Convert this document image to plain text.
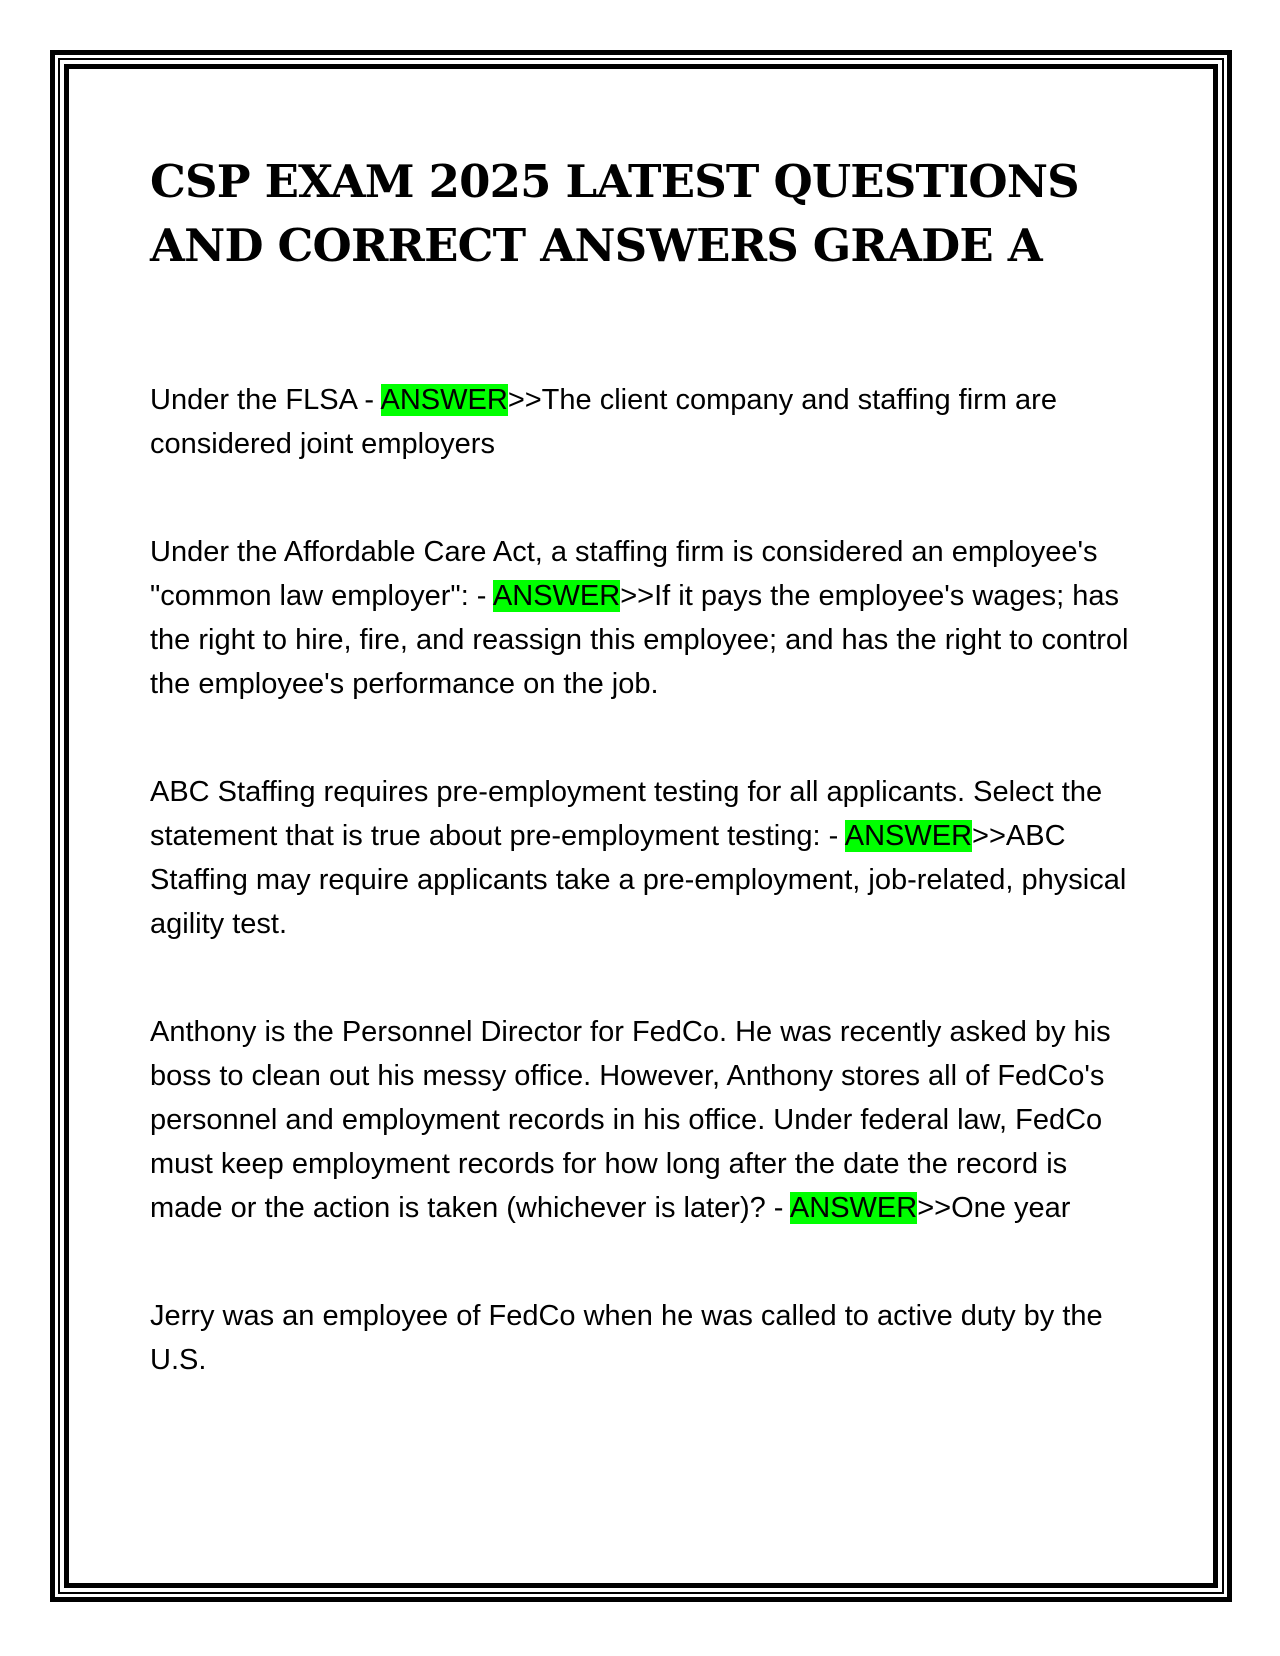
CSP EXAM 2025 LATEST QUESTIONS AND CORRECT ANSWERS GRADE A

Under the FLSA - ANSWER>>The client company and staffing firm are considered joint employers

Under the Affordable Care Act, a staffing firm is considered an employee's "common law employer": - ANSWER>>If it pays the employee's wages; has the right to hire, fire, and reassign this employee; and has the right to control the employee's performance on the job.

ABC Staffing requires pre-employment testing for all applicants. Select the statement that is true about pre-employment testing: - ANSWER>>ABC Staffing may require applicants take a pre-employment, job-related, physical agility test.

Anthony is the Personnel Director for FedCo. He was recently asked by his boss to clean out his messy office. However, Anthony stores all of FedCo's personnel and employment records in his office. Under federal law, FedCo must keep employment records for how long after the date the record is made or the action is taken (whichever is later)? - ANSWER>>One year

Jerry was an employee of FedCo when he was called to active duty by the U.S.
